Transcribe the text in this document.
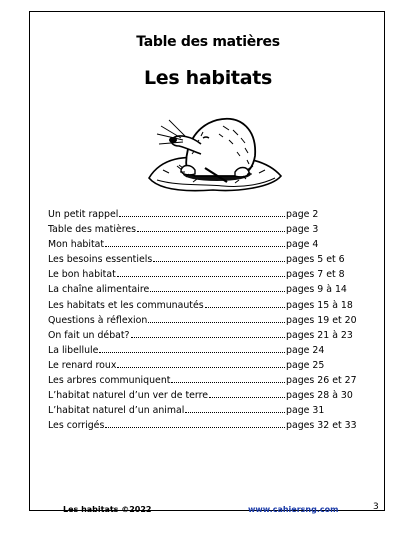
Table des matières
Les habitats
Un petit rappel	page 2
Table des matières	page 3
Mon habitat	page 4
Les besoins essentiels	pages 5 et 6
Le bon habitat	pages 7 et 8
La chaîne alimentaire	pages 9 à 14
Les habitats et les communautés	pages 15 à 18
Questions à réflexion	pages 19 et 20
On fait un débat?	pages 21 à 23
La libellule	page 24
Le renard roux	page 25
Les arbres communiquent	pages 26 et 27
L’habitat naturel d’un ver de terre	pages 28 à 30
L’habitat naturel d’un animal	page 31
Les corrigés	pages 32 et 33
Les habitats ©2022	www.cahiersng.com	3
